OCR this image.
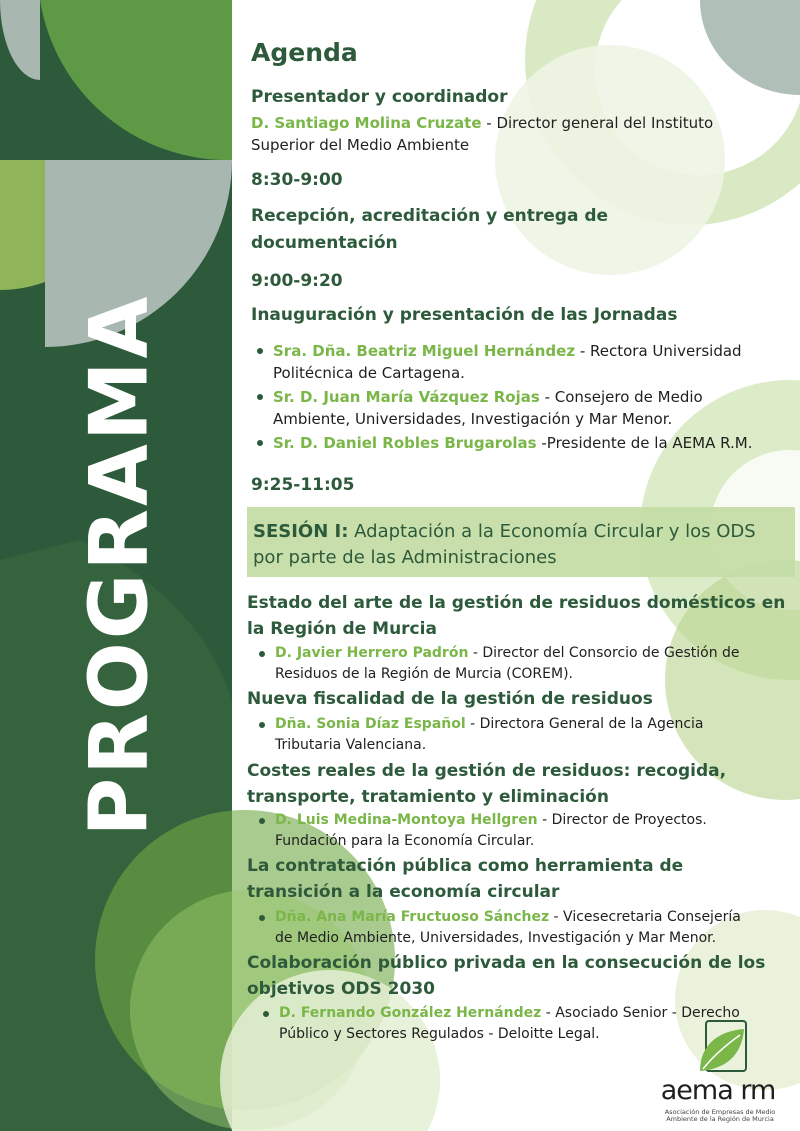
PROGRAMA
Agenda
Presentador y coordinador
D. Santiago Molina Cruzate - Director general del Instituto
Superior del Medio Ambiente
8:30-9:00
Recepción, acreditación y entrega de
documentación
9:00-9:20
Inauguración y presentación de las Jornadas
Sra. Dña. Beatriz Miguel Hernández - Rectora Universidad
Politécnica de Cartagena.
Sr. D. Juan María Vázquez Rojas - Consejero de Medio
Ambiente, Universidades, Investigación y Mar Menor.
Sr. D. Daniel Robles Brugarolas -Presidente de la AEMA R.M.
9:25-11:05
SESIÓN I: Adaptación a la Economía Circular y los ODS
por parte de las Administraciones
Estado del arte de la gestión de residuos domésticos en
la Región de Murcia
D. Javier Herrero Padrón - Director del Consorcio de Gestión de
Residuos de la Región de Murcia (COREM).
Nueva fiscalidad de la gestión de residuos
Dña. Sonia Díaz Español - Directora General de la Agencia
Tributaria Valenciana.
Costes reales de la gestión de residuos: recogida,
transporte, tratamiento y eliminación
D. Luis Medina-Montoya Hellgren - Director de Proyectos.
Fundación para la Economía Circular.
La contratación pública como herramienta de
transición a la economía circular
Dña. Ana María Fructuoso Sánchez - Vicesecretaria Consejería
de Medio Ambiente, Universidades, Investigación y Mar Menor.
Colaboración público privada en la consecución de los
objetivos ODS 2030
D. Fernando González Hernández - Asociado Senior - Derecho
Público y Sectores Regulados - Deloitte Legal.
aema rm
Asociación de Empresas de Medio
Ambiente de la Región de Murcia
